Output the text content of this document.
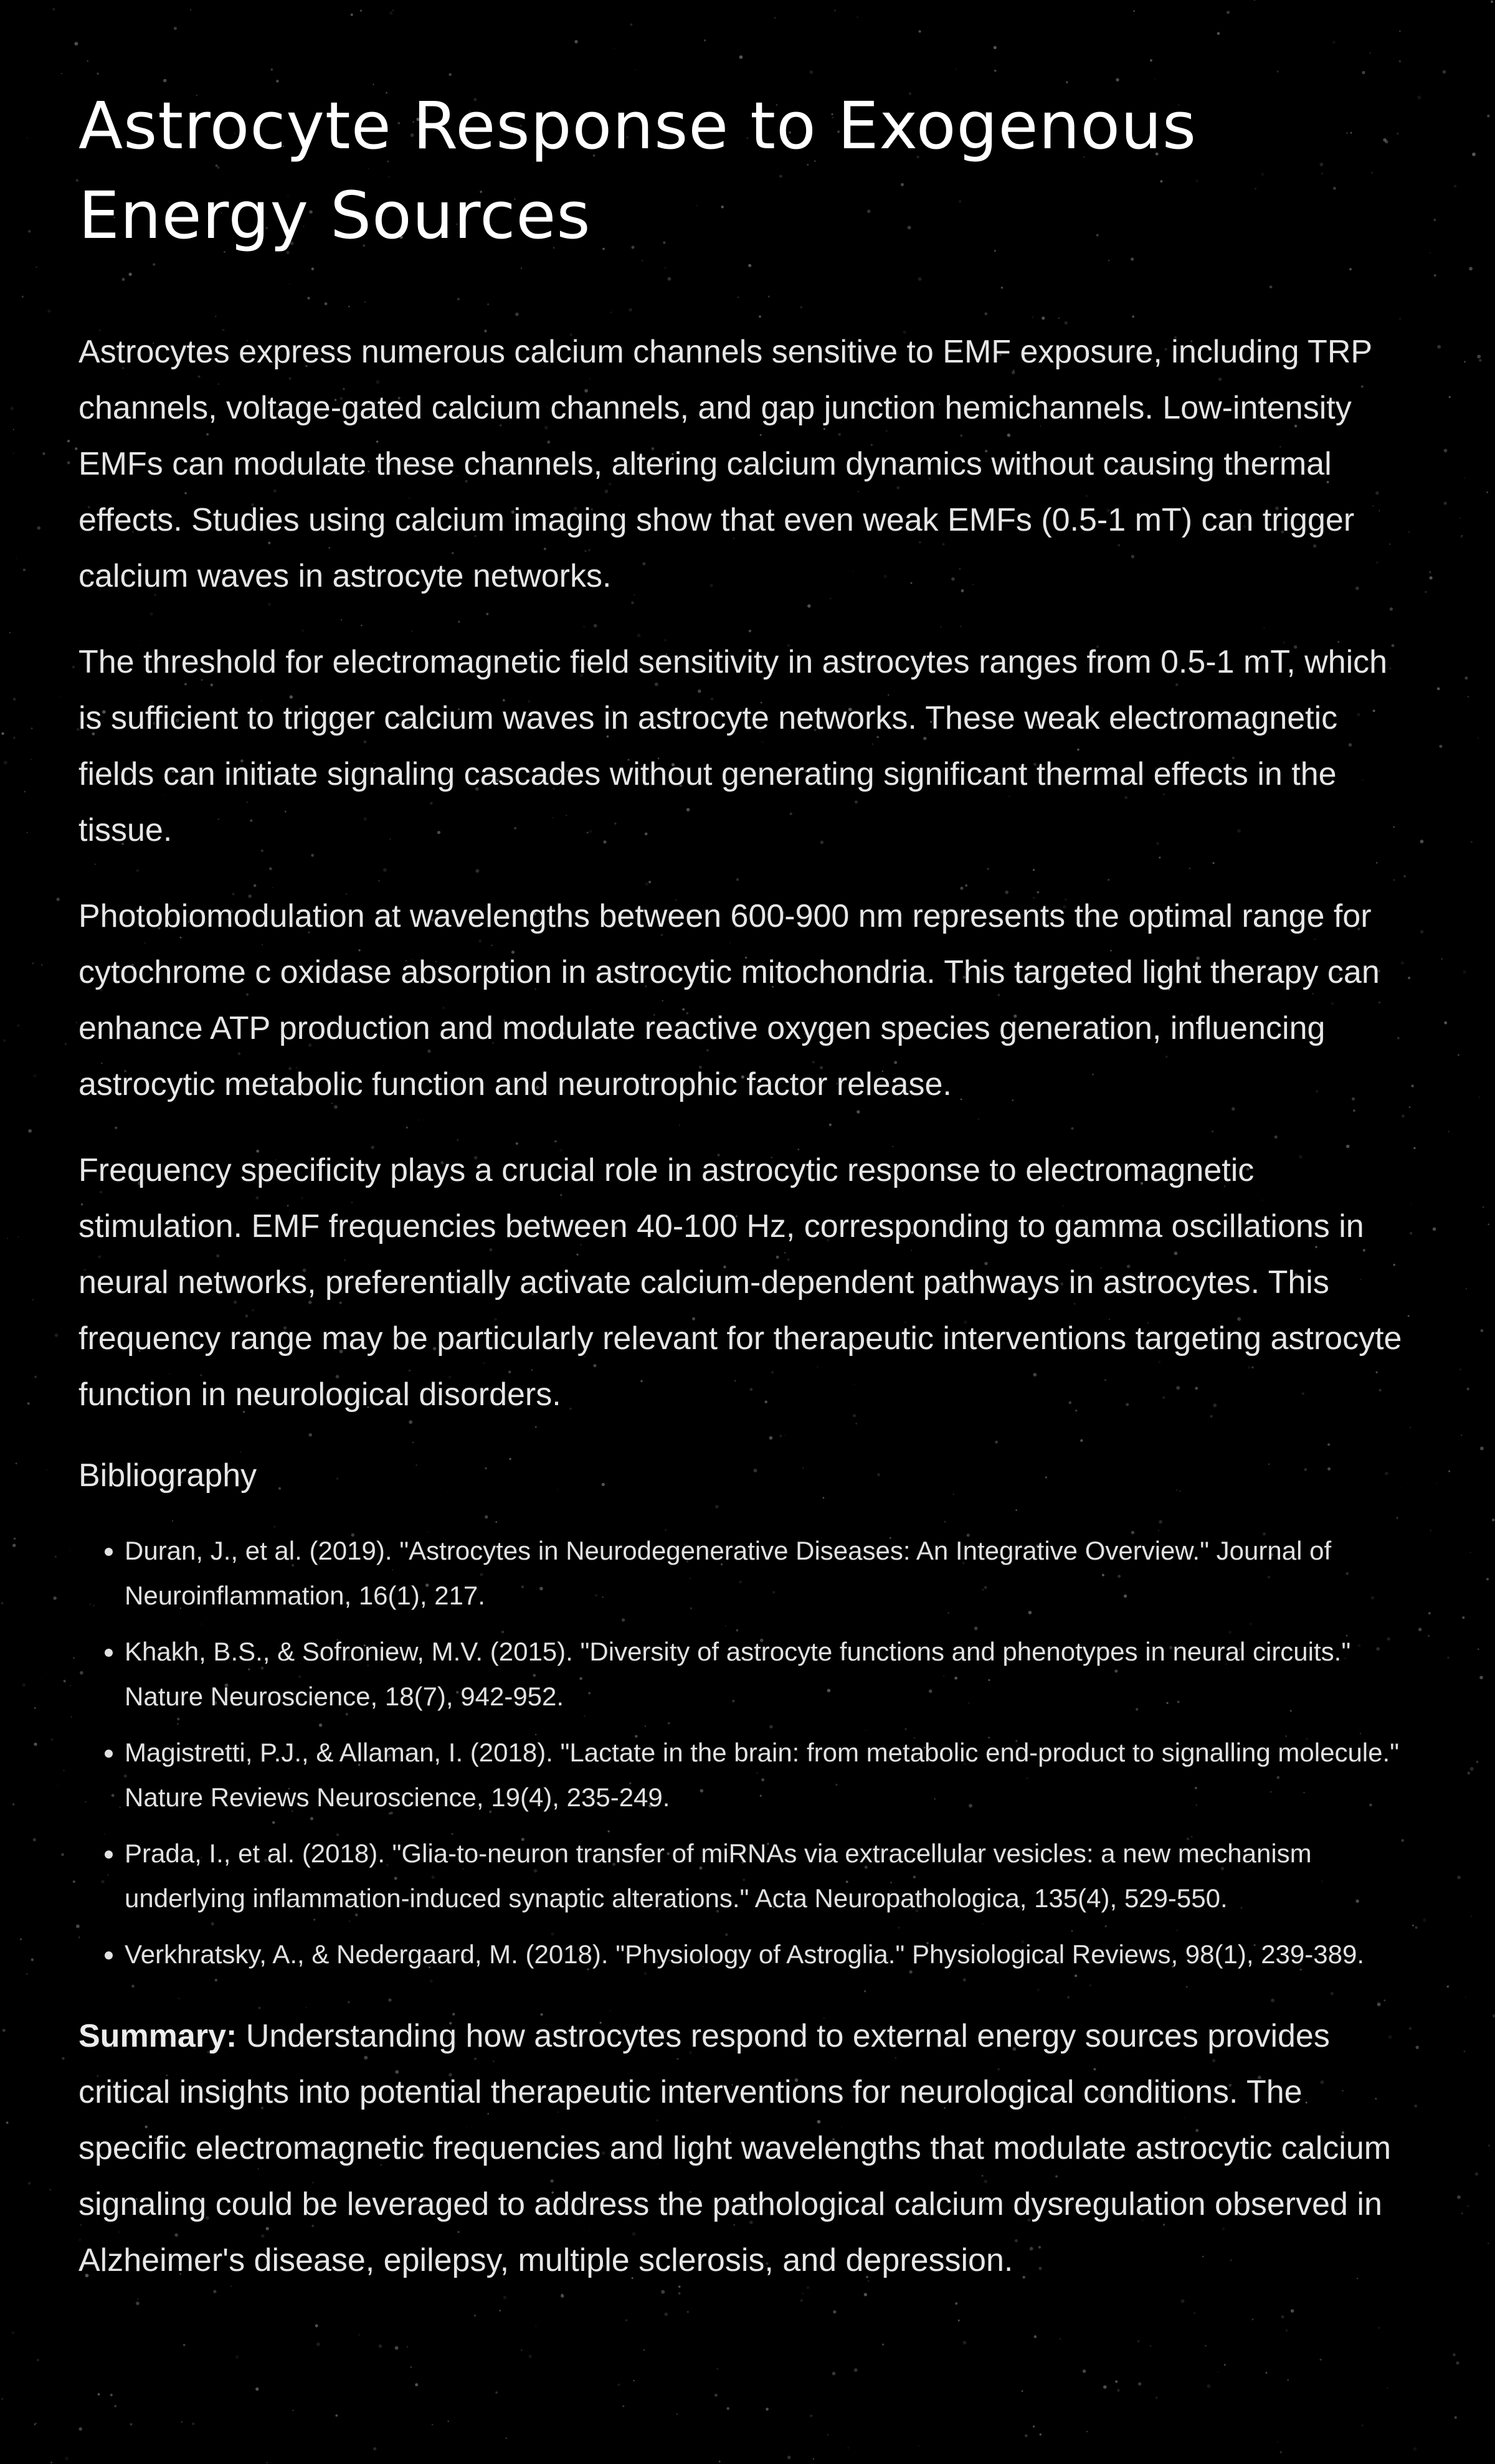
Astrocyte Response to Exogenous Energy Sources

Astrocytes express numerous calcium channels sensitive to EMF exposure, including TRP channels, voltage-gated calcium channels, and gap junction hemichannels. Low-intensity EMFs can modulate these channels, altering calcium dynamics without causing thermal effects. Studies using calcium imaging show that even weak EMFs (0.5-1 mT) can trigger calcium waves in astrocyte networks.

The threshold for electromagnetic field sensitivity in astrocytes ranges from 0.5-1 mT, which is sufficient to trigger calcium waves in astrocyte networks. These weak electromagnetic fields can initiate signaling cascades without generating significant thermal effects in the tissue.

Photobiomodulation at wavelengths between 600-900 nm represents the optimal range for cytochrome c oxidase absorption in astrocytic mitochondria. This targeted light therapy can enhance ATP production and modulate reactive oxygen species generation, influencing astrocytic metabolic function and neurotrophic factor release.

Frequency specificity plays a crucial role in astrocytic response to electromagnetic stimulation. EMF frequencies between 40-100 Hz, corresponding to gamma oscillations in neural networks, preferentially activate calcium-dependent pathways in astrocytes. This frequency range may be particularly relevant for therapeutic interventions targeting astrocyte function in neurological disorders.

Bibliography
• Duran, J., et al. (2019). "Astrocytes in Neurodegenerative Diseases: An Integrative Overview." Journal of Neuroinflammation, 16(1), 217.
• Khakh, B.S., & Sofroniew, M.V. (2015). "Diversity of astrocyte functions and phenotypes in neural circuits." Nature Neuroscience, 18(7), 942-952.
• Magistretti, P.J., & Allaman, I. (2018). "Lactate in the brain: from metabolic end-product to signalling molecule." Nature Reviews Neuroscience, 19(4), 235-249.
• Prada, I., et al. (2018). "Glia-to-neuron transfer of miRNAs via extracellular vesicles: a new mechanism underlying inflammation-induced synaptic alterations." Acta Neuropathologica, 135(4), 529-550.
• Verkhratsky, A., & Nedergaard, M. (2018). "Physiology of Astroglia." Physiological Reviews, 98(1), 239-389.

Summary: Understanding how astrocytes respond to external energy sources provides critical insights into potential therapeutic interventions for neurological conditions. The specific electromagnetic frequencies and light wavelengths that modulate astrocytic calcium signaling could be leveraged to address the pathological calcium dysregulation observed in Alzheimer's disease, epilepsy, multiple sclerosis, and depression.
